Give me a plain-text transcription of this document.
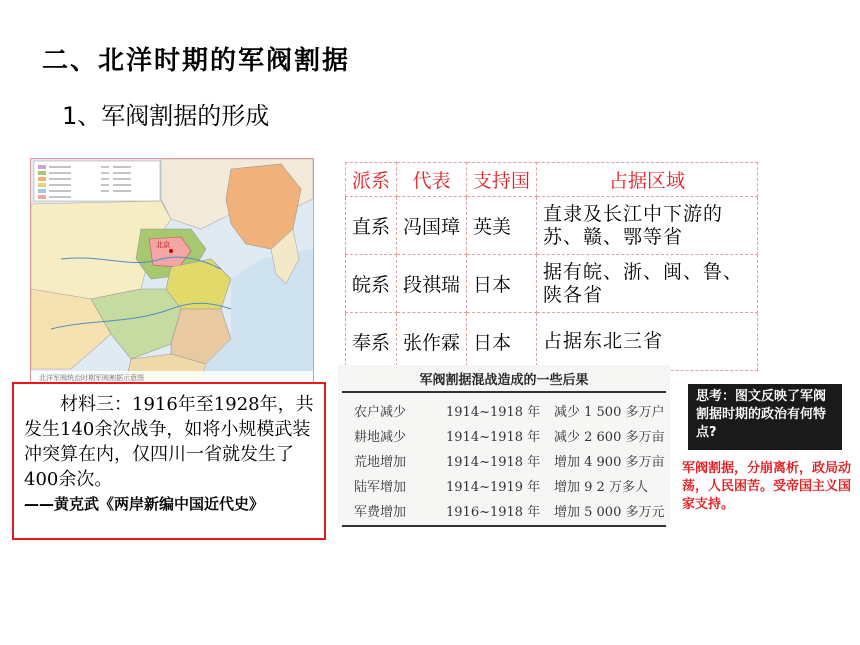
二、北洋时期的军阀割据
1、军阀割据的形成
北京
北洋军阀统治时期军阀割据示意图
派系	代表	支持国	占据区域
直系	冯国璋	英美	直隶及长江中下游的苏、赣、鄂等省
皖系	段祺瑞	日本	据有皖、浙、闽、鲁、陕各省
奉系	张作霖	日本	占据东北三省
材料三：1916年至1928年，共发生140余次战争，如将小规模武装冲突算在内，仅四川一省就发生了400余次。
——黄克武《两岸新编中国近代史》
军阀割据混战造成的一些后果
农户减少	1914~1918 年 减少 1 500 多万户
耕地减少	1914~1918 年 减少 2 600 多万亩
荒地增加	1914~1918 年 增加 4 900 多万亩
陆军增加	1914~1919 年 增加 9 2 万多人
军费增加	1916~1918 年 增加 5 000 多万元
思考：图文反映了军阀割据时期的政治有何特点?
军阀割据，分崩离析，政局动荡，人民困苦。受帝国主义国家支持。
